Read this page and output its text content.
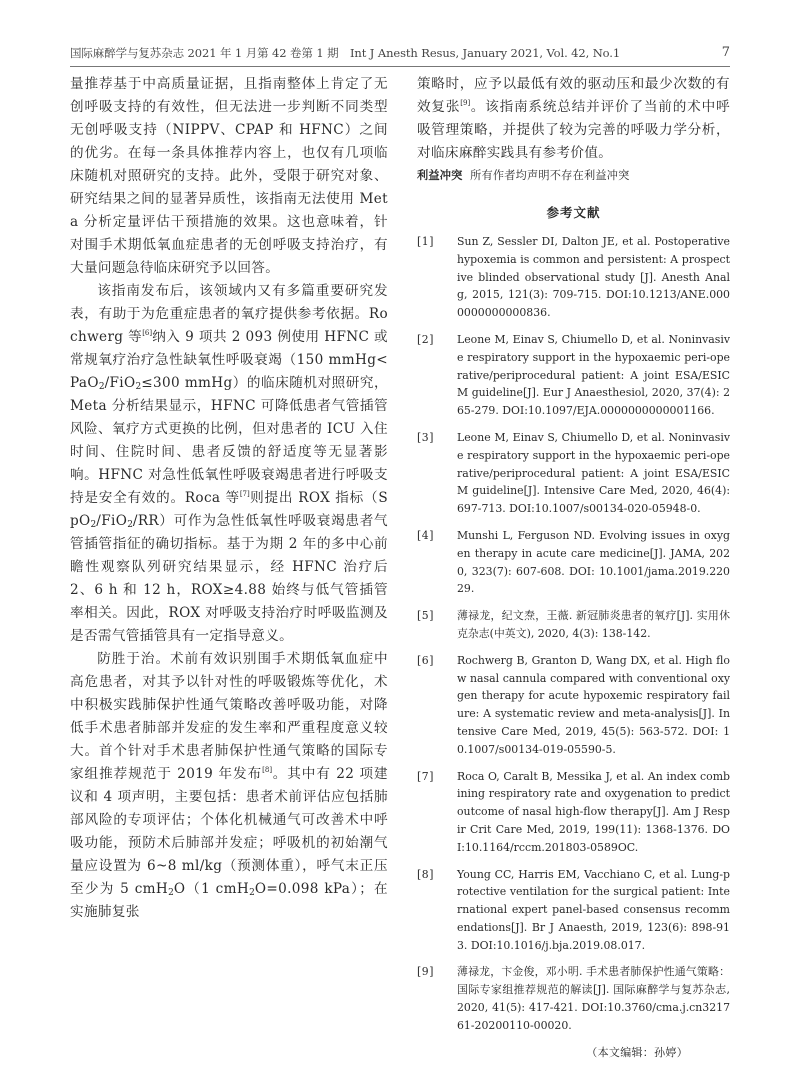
国际麻醉学与复苏杂志 2021 年 1 月第 42 卷第 1 期　Int J Anesth Resus, January 2021, Vol. 42, No.1	7

量推荐基于中高质量证据，且指南整体上肯定了无创呼吸支持的有效性，但无法进一步判断不同类型无创呼吸支持（NIPPV、CPAP 和 HFNC）之间的优劣。在每一条具体推荐内容上，也仅有几项临床随机对照研究的支持。此外，受限于研究对象、研究结果之间的显著异质性，该指南无法使用 Meta 分析定量评估干预措施的效果。这也意味着，针对围手术期低氧血症患者的无创呼吸支持治疗，有大量问题急待临床研究予以回答。

该指南发布后，该领域内又有多篇重要研究发表，有助于为危重症患者的氧疗提供参考依据。Rochwerg 等[6]纳入 9 项共 2 093 例使用 HFNC 或常规氧疗治疗急性缺氧性呼吸衰竭（150 mmHg<PaO$_2$/FiO$_2$≤300 mmHg）的临床随机对照研究，Meta 分析结果显示，HFNC 可降低患者气管插管风险、氧疗方式更换的比例，但对患者的 ICU 入住时间、住院时间、患者反馈的舒适度等无显著影响。HFNC 对急性低氧性呼吸衰竭患者进行呼吸支持是安全有效的。Roca 等[7]则提出 ROX 指标（SpO$_2$/FiO$_2$/RR）可作为急性低氧性呼吸衰竭患者气管插管指征的确切指标。基于为期 2 年的多中心前瞻性观察队列研究结果显示，经 HFNC 治疗后 2、6 h 和 12 h，ROX≥4.88 始终与低气管插管率相关。因此，ROX 对呼吸支持治疗时呼吸监测及是否需气管插管具有一定指导意义。

防胜于治。术前有效识别围手术期低氧血症中高危患者，对其予以针对性的呼吸锻炼等优化，术中积极实践肺保护性通气策略改善呼吸功能，对降低手术患者肺部并发症的发生率和严重程度意义较大。首个针对手术患者肺保护性通气策略的国际专家组推荐规范于 2019 年发布[8]。其中有 22 项建议和 4 项声明，主要包括：患者术前评估应包括肺部风险的专项评估；个体化机械通气可改善术中呼吸功能，预防术后肺部并发症；呼吸机的初始潮气量应设置为 6~8 ml/kg（预测体重），呼气末正压至少为 5 cmH$_2$O（1 cmH$_2$O=0.098 kPa）；在实施肺复张

策略时，应予以最低有效的驱动压和最少次数的有效复张[9]。该指南系统总结并评价了当前的术中呼吸管理策略，并提供了较为完善的呼吸力学分析，对临床麻醉实践具有参考价值。

利益冲突 所有作者均声明不存在利益冲突
参考文献
[1] Sun Z, Sessler DI, Dalton JE, et al. Postoperative hypoxemia is common and persistent: A prospective blinded observational study [J]. Anesth Analg, 2015, 121(3): 709-715. DOI:10.1213/ANE.0000000000000836.
[2] Leone M, Einav S, Chiumello D, et al. Noninvasive respiratory support in the hypoxaemic peri-operative/periprocedural patient: A joint ESA/ESICM guideline[J]. Eur J Anaesthesiol, 2020, 37(4): 265-279. DOI:10.1097/EJA.0000000000001166.
[3] Leone M, Einav S, Chiumello D, et al. Noninvasive respiratory support in the hypoxaemic peri-operative/periprocedural patient: A joint ESA/ESICM guideline[J]. Intensive Care Med, 2020, 46(4): 697-713. DOI:10.1007/s00134-020-05948-0.
[4] Munshi L, Ferguson ND. Evolving issues in oxygen therapy in acute care medicine[J]. JAMA, 2020, 323(7): 607-608. DOI: 10.1001/jama.2019.22029.
[5] 薄禄龙，纪文焘，王薇. 新冠肺炎患者的氧疗[J]. 实用休克杂志(中英文), 2020, 4(3): 138-142.
[6] Rochwerg B, Granton D, Wang DX, et al. High flow nasal cannula compared with conventional oxygen therapy for acute hypoxemic respiratory failure: A systematic review and meta-analysis[J]. Intensive Care Med, 2019, 45(5): 563-572. DOI: 10.1007/s00134-019-05590-5.
[7] Roca O, Caralt B, Messika J, et al. An index combining respiratory rate and oxygenation to predict outcome of nasal high-flow therapy[J]. Am J Respir Crit Care Med, 2019, 199(11): 1368-1376. DOI:10.1164/rccm.201803-0589OC.
[8] Young CC, Harris EM, Vacchiano C, et al. Lung-protective ventilation for the surgical patient: International expert panel-based consensus recommendations[J]. Br J Anaesth, 2019, 123(6): 898-913. DOI:10.1016/j.bja.2019.08.017.
[9] 薄禄龙，卞金俊，邓小明. 手术患者肺保护性通气策略：国际专家组推荐规范的解读[J]. 国际麻醉学与复苏杂志, 2020, 41(5): 417-421. DOI:10.3760/cma.j.cn321761-20200110-00020.
（本文编辑：孙婷）
